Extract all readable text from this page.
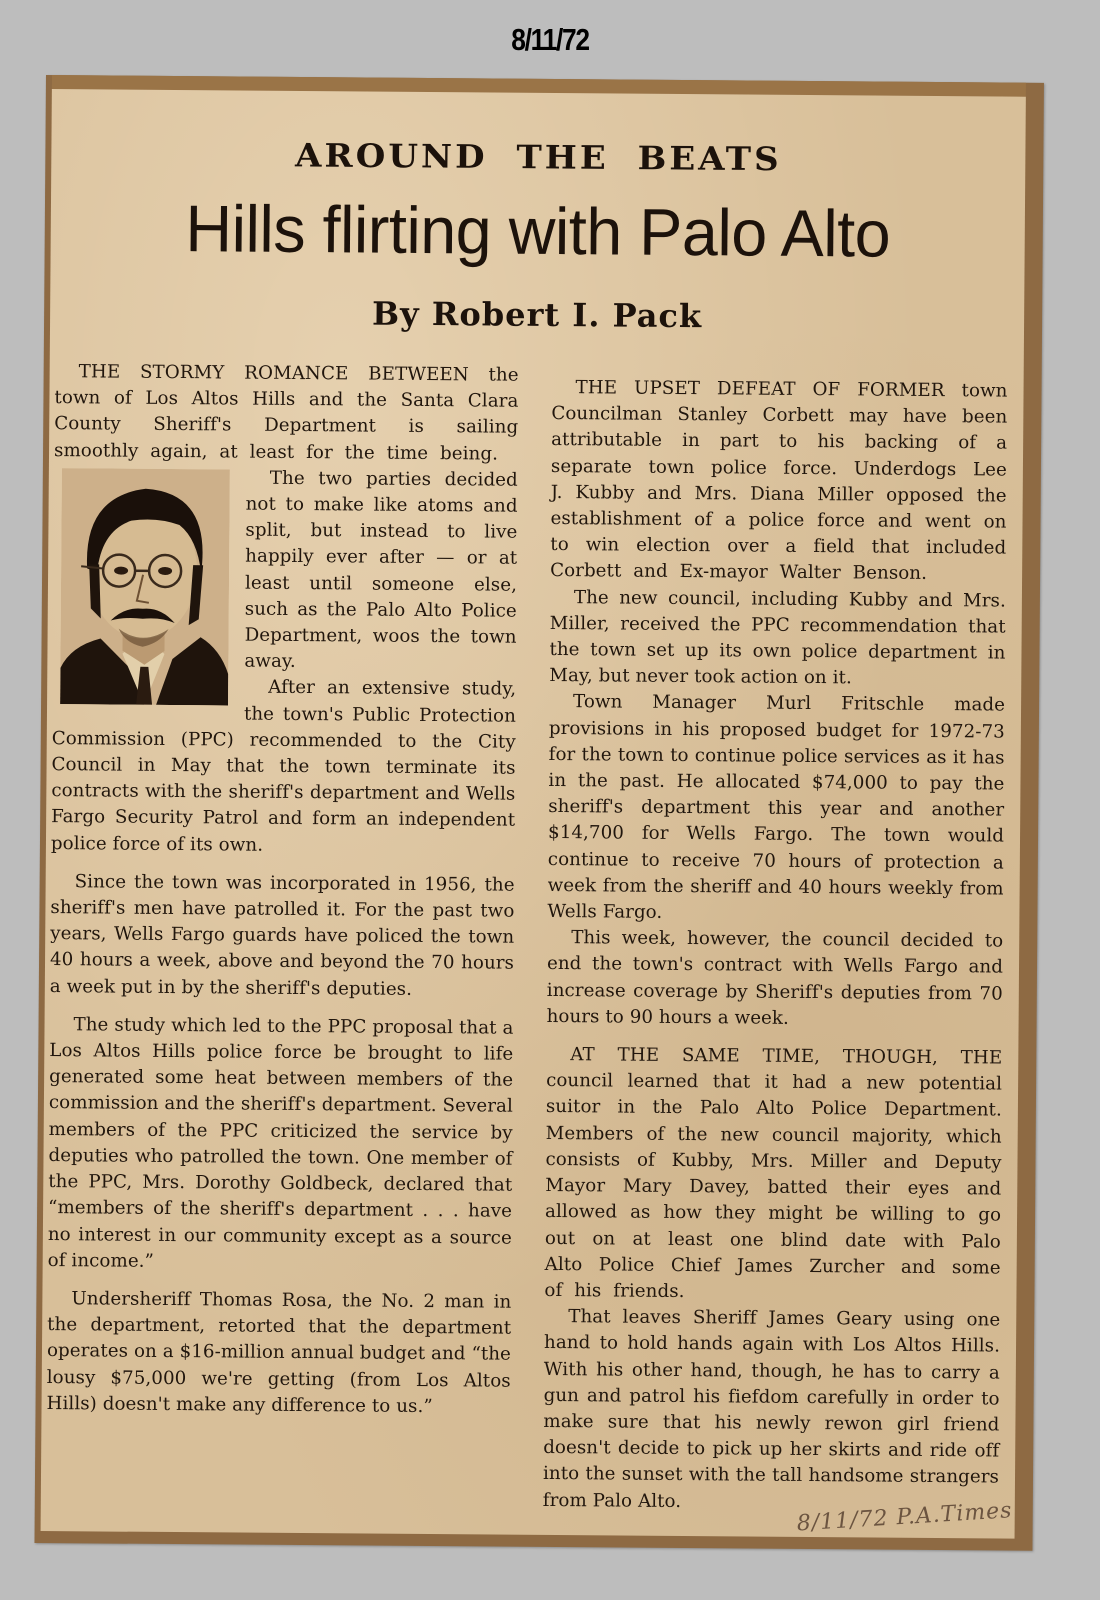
8/11/72
AROUND THE BEATS
Hills flirting with Palo Alto
By Robert I. Pack

THE STORMY ROMANCE BETWEEN the town of Los Altos Hills and the Santa Clara County Sheriff's Department is sailing smoothly again, at least for the time being.

The two parties decided not to make like atoms and split, but instead to live happily ever after — or at least until someone else, such as the Palo Alto Police Department, woos the town away.

After an extensive study, the town's Public Protection Commission (PPC) recommended to the City Council in May that the town terminate its contracts with the sheriff's department and Wells Fargo Security Patrol and form an independent police force of its own.

Since the town was incorporated in 1956, the sheriff's men have patrolled it. For the past two years, Wells Fargo guards have policed the town 40 hours a week, above and beyond the 70 hours a week put in by the sheriff's deputies.

The study which led to the PPC proposal that a Los Altos Hills police force be brought to life generated some heat between members of the commission and the sheriff's department. Several members of the PPC criticized the service by deputies who patrolled the town. One member of the PPC, Mrs. Dorothy Goldbeck, declared that “members of the sheriff's department . . . have no interest in our community except as a source of income.”

Undersheriff Thomas Rosa, the No. 2 man in the department, retorted that the department operates on a $16-million annual budget and “the lousy $75,000 we're getting (from Los Altos Hills) doesn't make any difference to us.”

THE UPSET DEFEAT OF FORMER town Councilman Stanley Corbett may have been attributable in part to his backing of a separate town police force. Underdogs Lee J. Kubby and Mrs. Diana Miller opposed the establishment of a police force and went on to win election over a field that included Corbett and Ex-mayor Walter Benson.

The new council, including Kubby and Mrs. Miller, received the PPC recommendation that the town set up its own police department in May, but never took action on it.

Town Manager Murl Fritschle made provisions in his proposed budget for 1972-73 for the town to continue police services as it has in the past. He allocated $74,000 to pay the sheriff's department this year and another $14,700 for Wells Fargo. The town would continue to receive 70 hours of protection a week from the sheriff and 40 hours weekly from Wells Fargo.

This week, however, the council decided to end the town's contract with Wells Fargo and increase coverage by Sheriff's deputies from 70 hours to 90 hours a week.

AT THE SAME TIME, THOUGH, THE council learned that it had a new potential suitor in the Palo Alto Police Department. Members of the new council majority, which consists of Kubby, Mrs. Miller and Deputy Mayor Mary Davey, batted their eyes and allowed as how they might be willing to go out on at least one blind date with Palo Alto Police Chief James Zurcher and some of his friends.

That leaves Sheriff James Geary using one hand to hold hands again with Los Altos Hills. With his other hand, though, he has to carry a gun and patrol his fiefdom carefully in order to make sure that his newly rewon girl friend doesn't decide to pick up her skirts and ride off into the sunset with the tall handsome strangers from Palo Alto.	8/11/72 P.A.Times
